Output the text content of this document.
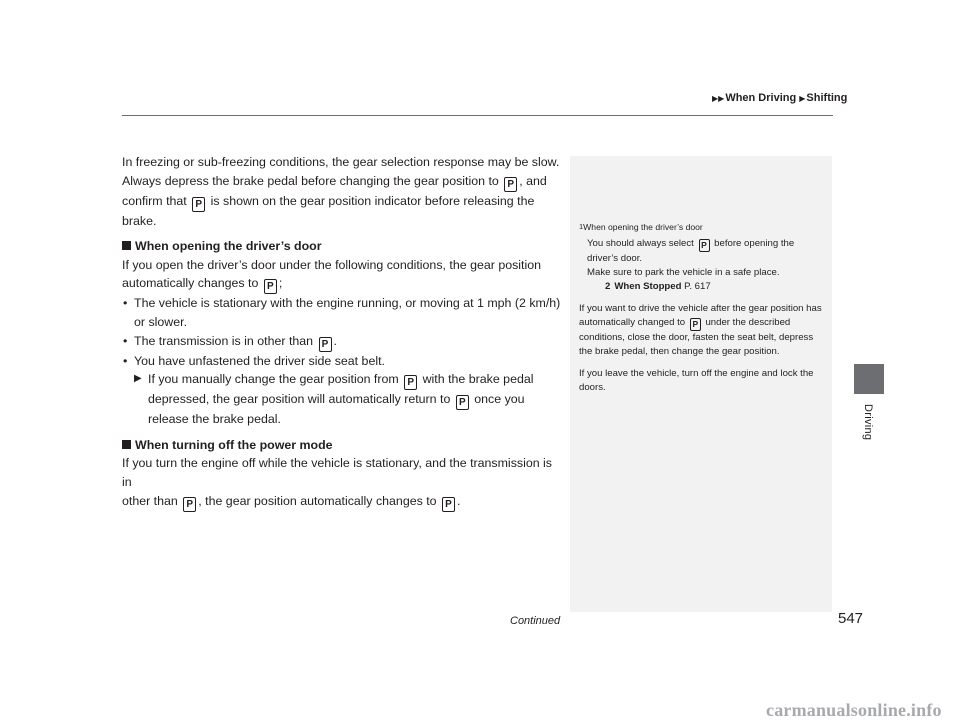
▶▶When Driving ▶Shifting
Driving

In freezing or sub-freezing conditions, the gear selection response may be slow.
Always depress the brake pedal before changing the gear position to P , and
confirm that P is shown on the gear position indicator before releasing the brake.

When opening the driver’s door

If you open the driver’s door under the following conditions, the gear position
automatically changes to P ;

• The vehicle is stationary with the engine running, or moving at 1 mph (2 km/h) or slower.

• The transmission is in other than P .

• You have unfastened the driver side seat belt.

▶ If you manually change the gear position from P with the brake pedal depressed, the gear position will automatically return to P once you release the brake pedal.

When turning off the power mode

If you turn the engine off while the vehicle is stationary, and the transmission is in
other than P , the gear position automatically changes to P .

1When opening the driver’s door

You should always select P before opening the driver’s door.

Make sure to park the vehicle in a safe place.

2 When Stopped P. 617

If you want to drive the vehicle after the gear position has automatically changed to P under the described conditions, close the door, fasten the seat belt, depress the brake pedal, then change the gear position.

If you leave the vehicle, turn off the engine and lock the doors.

Continued	547
carmanualsonline.info
